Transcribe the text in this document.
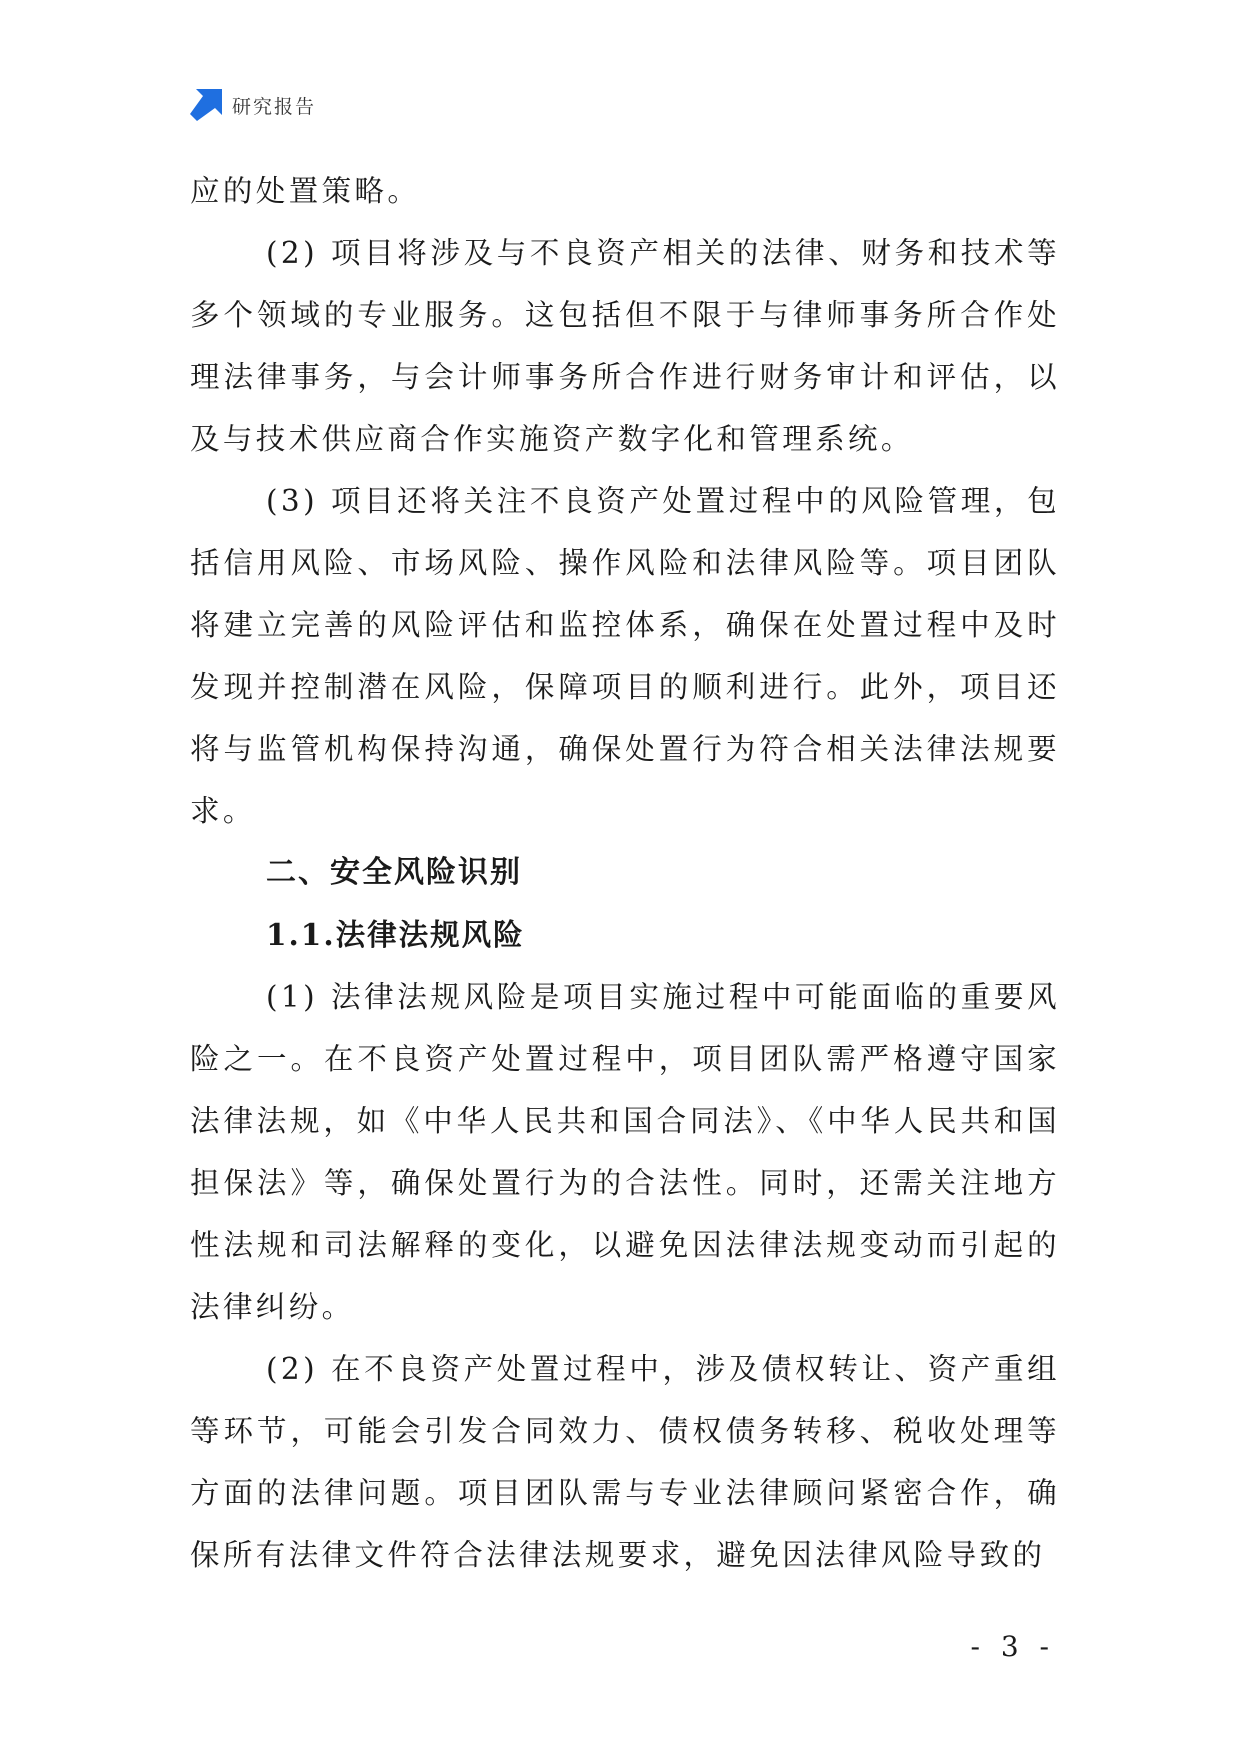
研究报告

应的处置策略。

(2) 项目将涉及与不良资产相关的法律、财务和技术等多个领域的专业服务。这包括但不限于与律师事务所合作处理法律事务，与会计师事务所合作进行财务审计和评估，以及与技术供应商合作实施资产数字化和管理系统。

(3) 项目还将关注不良资产处置过程中的风险管理，包括信用风险、市场风险、操作风险和法律风险等。项目团队将建立完善的风险评估和监控体系，确保在处置过程中及时发现并控制潜在风险，保障项目的顺利进行。此外，项目还将与监管机构保持沟通，确保处置行为符合相关法律法规要求。

二、安全风险识别
1.1.法律法规风险

(1) 法律法规风险是项目实施过程中可能面临的重要风险之一。在不良资产处置过程中，项目团队需严格遵守国家法律法规，如《中华人民共和国合同法》、《中华人民共和国担保法》等，确保处置行为的合法性。同时，还需关注地方性法规和司法解释的变化，以避免因法律法规变动而引起的法律纠纷。

(2) 在不良资产处置过程中，涉及债权转让、资产重组等环节，可能会引发合同效力、债权债务转移、税收处理等方面的法律问题。项目团队需与专业法律顾问紧密合作，确保所有法律文件符合法律法规要求，避免因法律风险导致的

- 3 -
